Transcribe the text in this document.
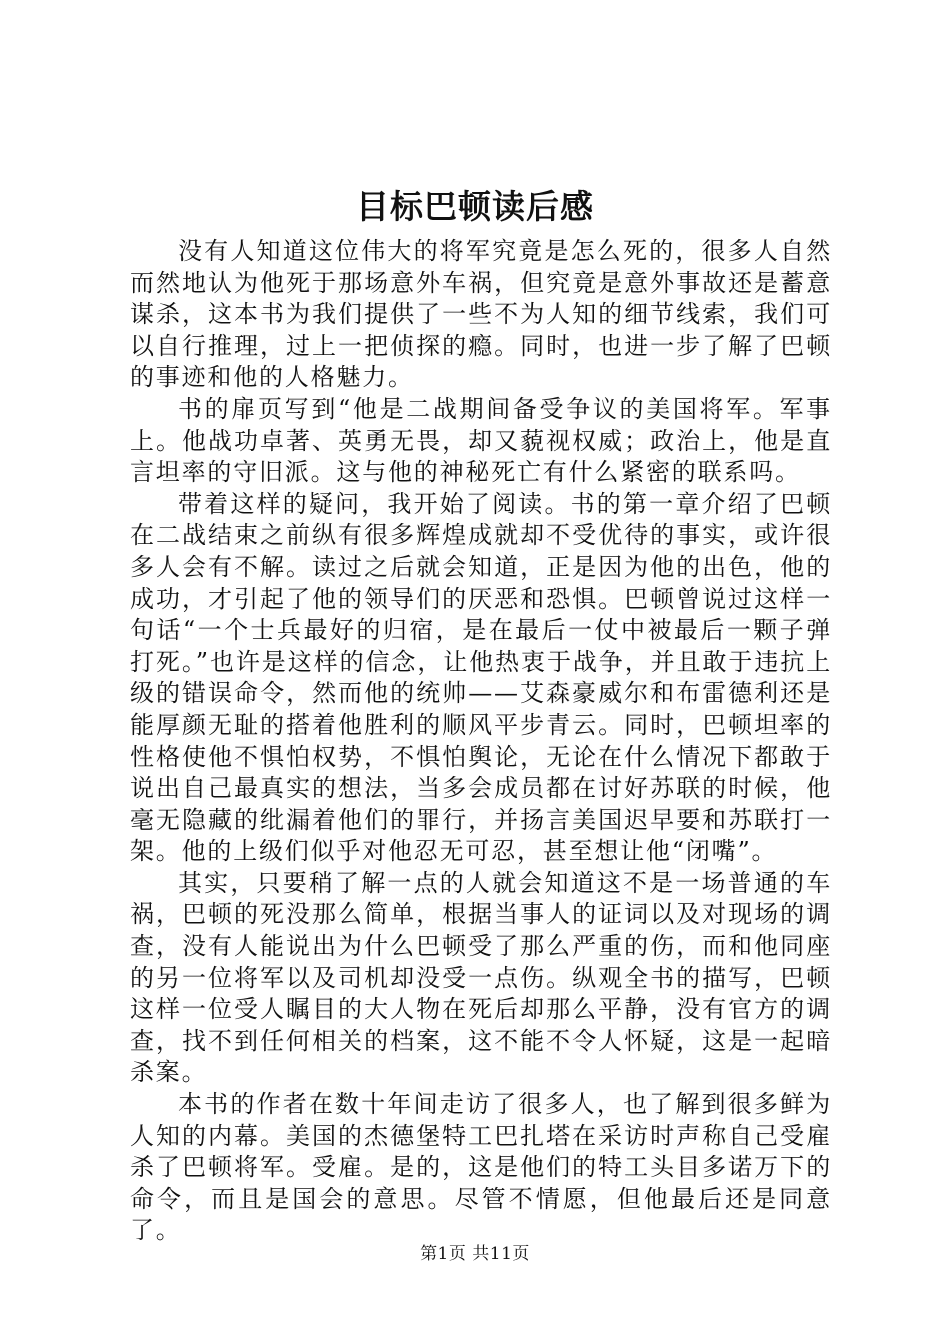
目标巴顿读后感

没有人知道这位伟大的将军究竟是怎么死的，很多人自然而然地认为他死于那场意外车祸，但究竟是意外事故还是蓄意谋杀，这本书为我们提供了一些不为人知的细节线索，我们可以自行推理，过上一把侦探的瘾。同时，也进一步了解了巴顿的事迹和他的人格魅力。

书的扉页写到“他是二战期间备受争议的美国将军。军事上。他战功卓著、英勇无畏，却又藐视权威；政治上，他是直言坦率的守旧派。这与他的神秘死亡有什么紧密的联系吗。

带着这样的疑问，我开始了阅读。书的第一章介绍了巴顿在二战结束之前纵有很多辉煌成就却不受优待的事实，或许很多人会有不解。读过之后就会知道，正是因为他的出色，他的成功，才引起了他的领导们的厌恶和恐惧。巴顿曾说过这样一句话“一个士兵最好的归宿，是在最后一仗中被最后一颗子弹打死。”也许是这样的信念，让他热衷于战争，并且敢于违抗上级的错误命令，然而他的统帅——艾森豪威尔和布雷德利还是能厚颜无耻的搭着他胜利的顺风平步青云。同时，巴顿坦率的性格使他不惧怕权势，不惧怕舆论，无论在什么情况下都敢于说出自己最真实的想法，当多会成员都在讨好苏联的时候，他毫无隐藏的纰漏着他们的罪行，并扬言美国迟早要和苏联打一架。他的上级们似乎对他忍无可忍，甚至想让他“闭嘴”。

其实，只要稍了解一点的人就会知道这不是一场普通的车祸，巴顿的死没那么简单，根据当事人的证词以及对现场的调查，没有人能说出为什么巴顿受了那么严重的伤，而和他同座的另一位将军以及司机却没受一点伤。纵观全书的描写，巴顿这样一位受人瞩目的大人物在死后却那么平静，没有官方的调查，找不到任何相关的档案，这不能不令人怀疑，这是一起暗杀案。

本书的作者在数十年间走访了很多人，也了解到很多鲜为人知的内幕。美国的杰德堡特工巴扎塔在采访时声称自己受雇杀了巴顿将军。受雇。是的，这是他们的特工头目多诺万下的命令，而且是国会的意思。尽管不情愿，但他最后还是同意了。

第1页 共11页
